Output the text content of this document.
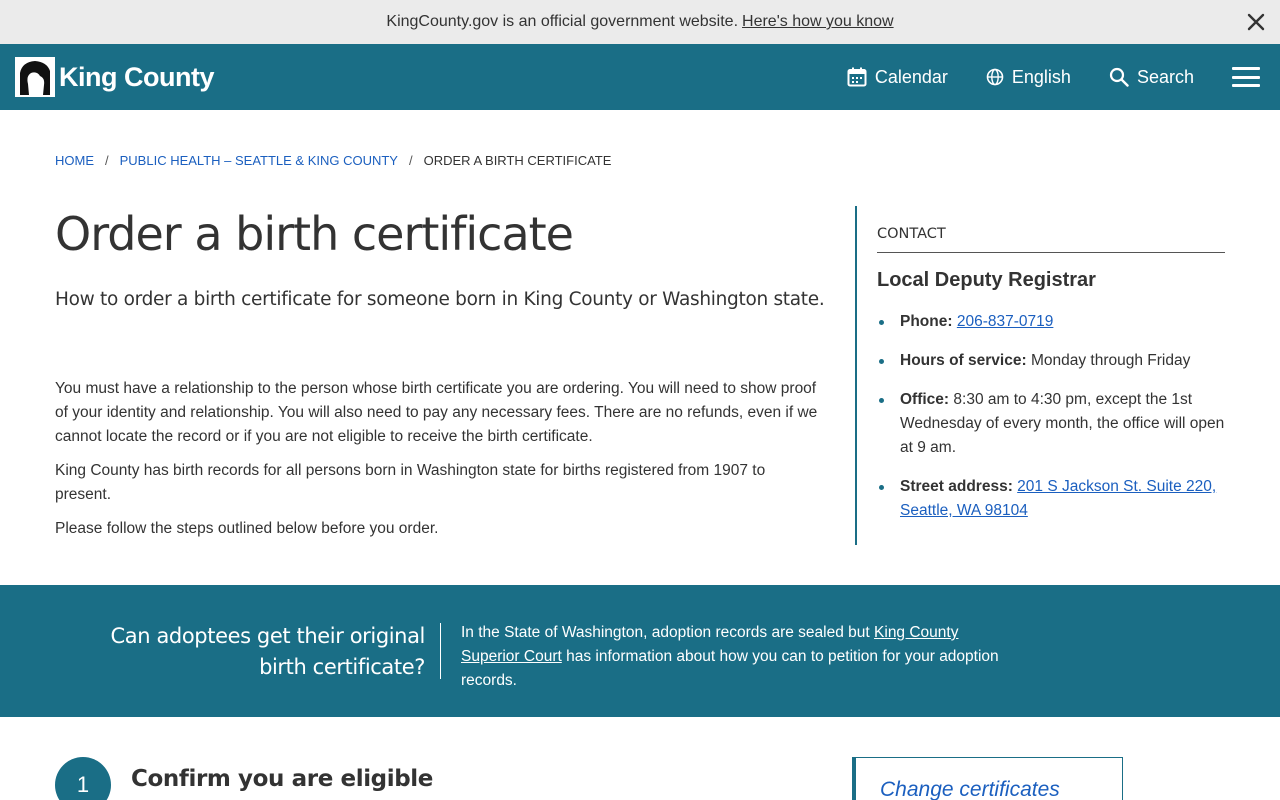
KingCounty.gov is an official government website. Here's how you know
King County	Calendar	English	Search
HOME / PUBLIC HEALTH – SEATTLE & KING COUNTY / ORDER A BIRTH CERTIFICATE
Order a birth certificate

How to order a birth certificate for someone born in King County or Washington state.

You must have a relationship to the person whose birth certificate you are ordering. You will need to show proof of your identity and relationship. You will also need to pay any necessary fees. There are no refunds, even if we cannot locate the record or if you are not eligible to receive the birth certificate.

King County has birth records for all persons born in Washington state for births registered from 1907 to present.

Please follow the steps outlined below before you order.

CONTACT
Local Deputy Registrar
Phone: 206-837-0719
Hours of service: Monday through Friday
Office: 8:30 am to 4:30 pm, except the 1st Wednesday of every month, the office will open at 9 am.
Street address: 201 S Jackson St. Suite 220, Seattle, WA 98104
Can adoptees get their original birth certificate?
In the State of Washington, adoption records are sealed but King County Superior Court has information about how you can to petition for your adoption records.
1	Confirm you are eligible	Change certificates
